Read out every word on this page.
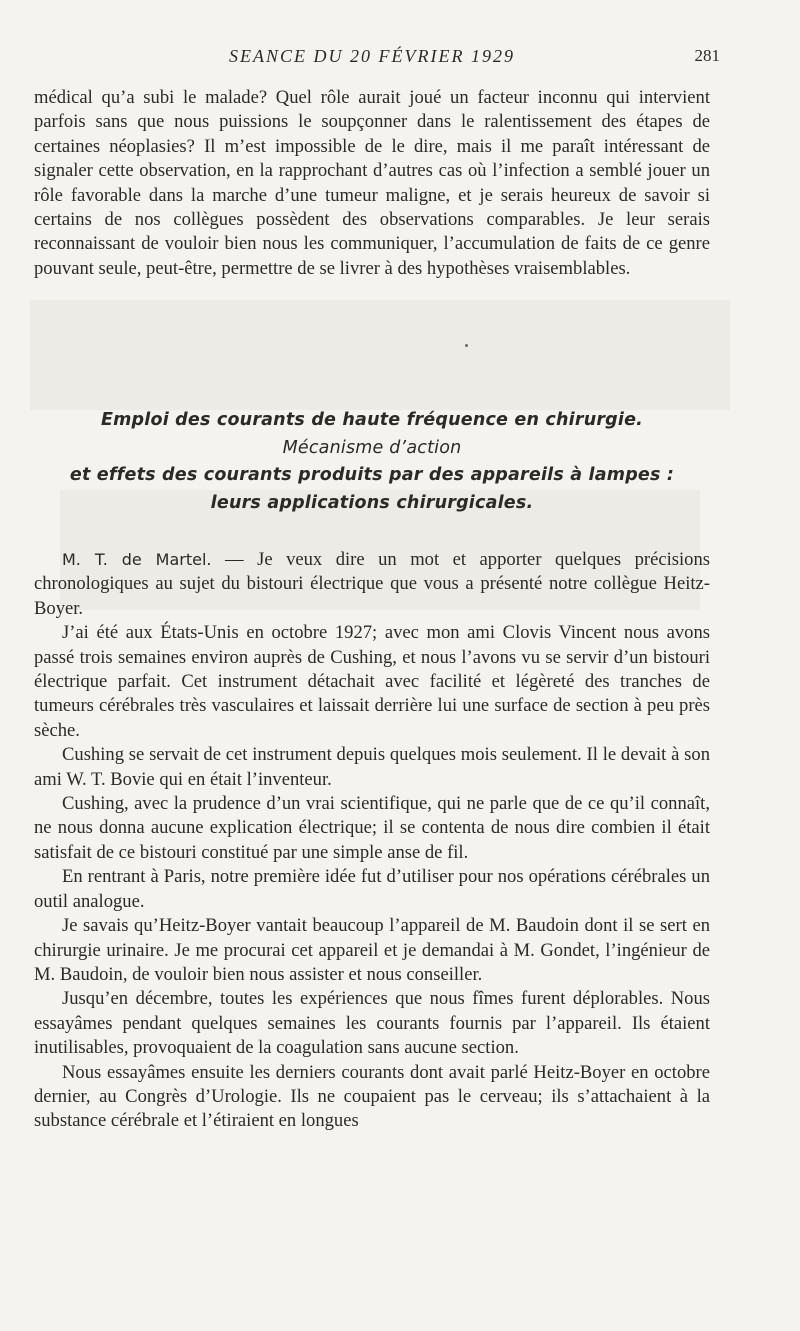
SEANCE DU 20 FÉVRIER 1929	281

médical qu’a subi le malade? Quel rôle aurait joué un facteur inconnu qui intervient parfois sans que nous puissions le soupçonner dans le ralentissement des étapes de certaines néoplasies? Il m’est impossible de le dire, mais il me paraît intéressant de signaler cette observation, en la rapprochant d’autres cas où l’infection a semblé jouer un rôle favorable dans la marche d’une tumeur maligne, et je serais heureux de savoir si certains de nos collègues possèdent des observations comparables. Je leur serais reconnaissant de vouloir bien nous les communiquer, l’accumulation de faits de ce genre pouvant seule, peut-être, permettre de se livrer à des hypothèses vraisemblables.

Emploi des courants de haute fréquence en chirurgie.
Mécanisme d’action
et effets des courants produits par des appareils à lampes :
leurs applications chirurgicales.

M. T. de Martel. — Je veux dire un mot et apporter quelques précisions chronologiques au sujet du bistouri électrique que vous a présenté notre collègue Heitz-Boyer.

J’ai été aux États-Unis en octobre 1927; avec mon ami Clovis Vincent nous avons passé trois semaines environ auprès de Cushing, et nous l’avons vu se servir d’un bistouri électrique parfait. Cet instrument détachait avec facilité et légèreté des tranches de tumeurs cérébrales très vasculaires et laissait derrière lui une surface de section à peu près sèche.

Cushing se servait de cet instrument depuis quelques mois seulement. Il le devait à son ami W. T. Bovie qui en était l’inventeur.

Cushing, avec la prudence d’un vrai scientifique, qui ne parle que de ce qu’il connaît, ne nous donna aucune explication électrique; il se contenta de nous dire combien il était satisfait de ce bistouri constitué par une simple anse de fil.

En rentrant à Paris, notre première idée fut d’utiliser pour nos opérations cérébrales un outil analogue.

Je savais qu’Heitz-Boyer vantait beaucoup l’appareil de M. Baudoin dont il se sert en chirurgie urinaire. Je me procurai cet appareil et je demandai à M. Gondet, l’ingénieur de M. Baudoin, de vouloir bien nous assister et nous conseiller.

Jusqu’en décembre, toutes les expériences que nous fîmes furent déplorables. Nous essayâmes pendant quelques semaines les courants fournis par l’appareil. Ils étaient inutilisables, provoquaient de la coagulation sans aucune section.

Nous essayâmes ensuite les derniers courants dont avait parlé Heitz-Boyer en octobre dernier, au Congrès d’Urologie. Ils ne coupaient pas le cerveau; ils s’attachaient à la substance cérébrale et l’étiraient en longues
